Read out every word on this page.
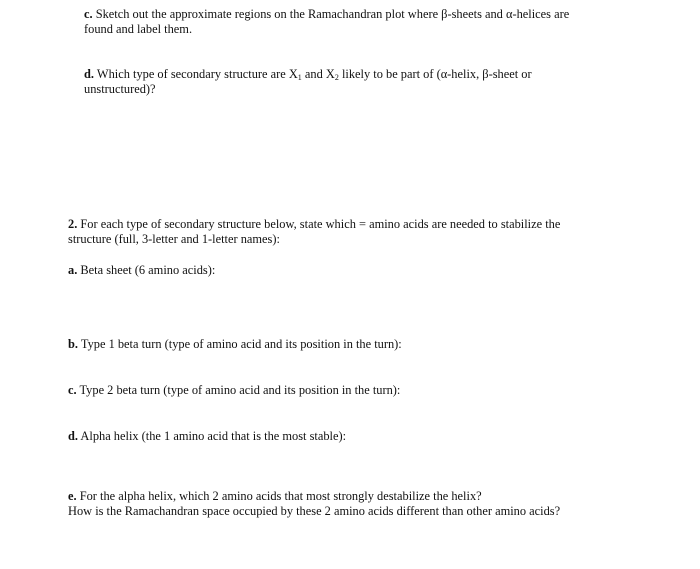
c. Sketch out the approximate regions on the Ramachandran plot where β-sheets and α-helices are
found and label them.
d. Which type of secondary structure are $X_1$ and $X_2$ likely to be part of (α-helix, β-sheet or
unstructured)?
2. For each type of secondary structure below, state which = amino acids are needed to stabilize the
structure (full, 3-letter and 1-letter names):
a. Beta sheet (6 amino acids):
b. Type 1 beta turn (type of amino acid and its position in the turn):
c. Type 2 beta turn (type of amino acid and its position in the turn):
d. Alpha helix (the 1 amino acid that is the most stable):
e. For the alpha helix, which 2 amino acids that most strongly destabilize the helix?
How is the Ramachandran space occupied by these 2 amino acids different than other amino acids?
